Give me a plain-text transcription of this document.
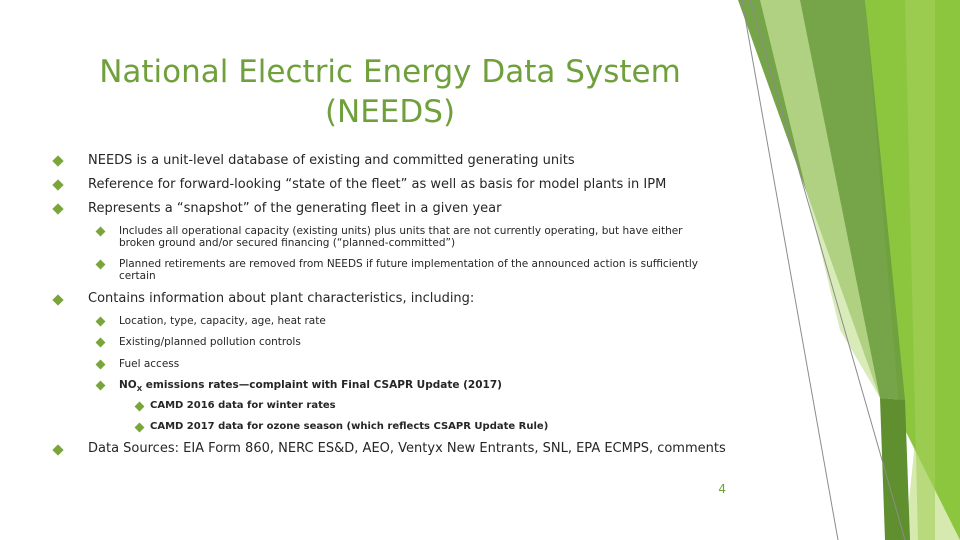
National Electric Energy Data System (NEEDS)
NEEDS is a unit-level database of existing and committed generating units
Reference for forward-looking “state of the fleet” as well as basis for model plants in IPM
Represents a “snapshot” of the generating fleet in a given year
Includes all operational capacity (existing units) plus units that are not currently operating, but have either broken ground and/or secured financing (“planned-committed”)
Planned retirements are removed from NEEDS if future implementation of the announced action is sufficiently certain
Contains information about plant characteristics, including:
Location, type, capacity, age, heat rate
Existing/planned pollution controls
Fuel access
$NO_X$ emissions rates—complaint with Final CSAPR Update (2017)
CAMD 2016 data for winter rates
CAMD 2017 data for ozone season (which reflects CSAPR Update Rule)
Data Sources: EIA Form 860, NERC ES&D, AEO, Ventyx New Entrants, SNL, EPA ECMPS, comments
4
